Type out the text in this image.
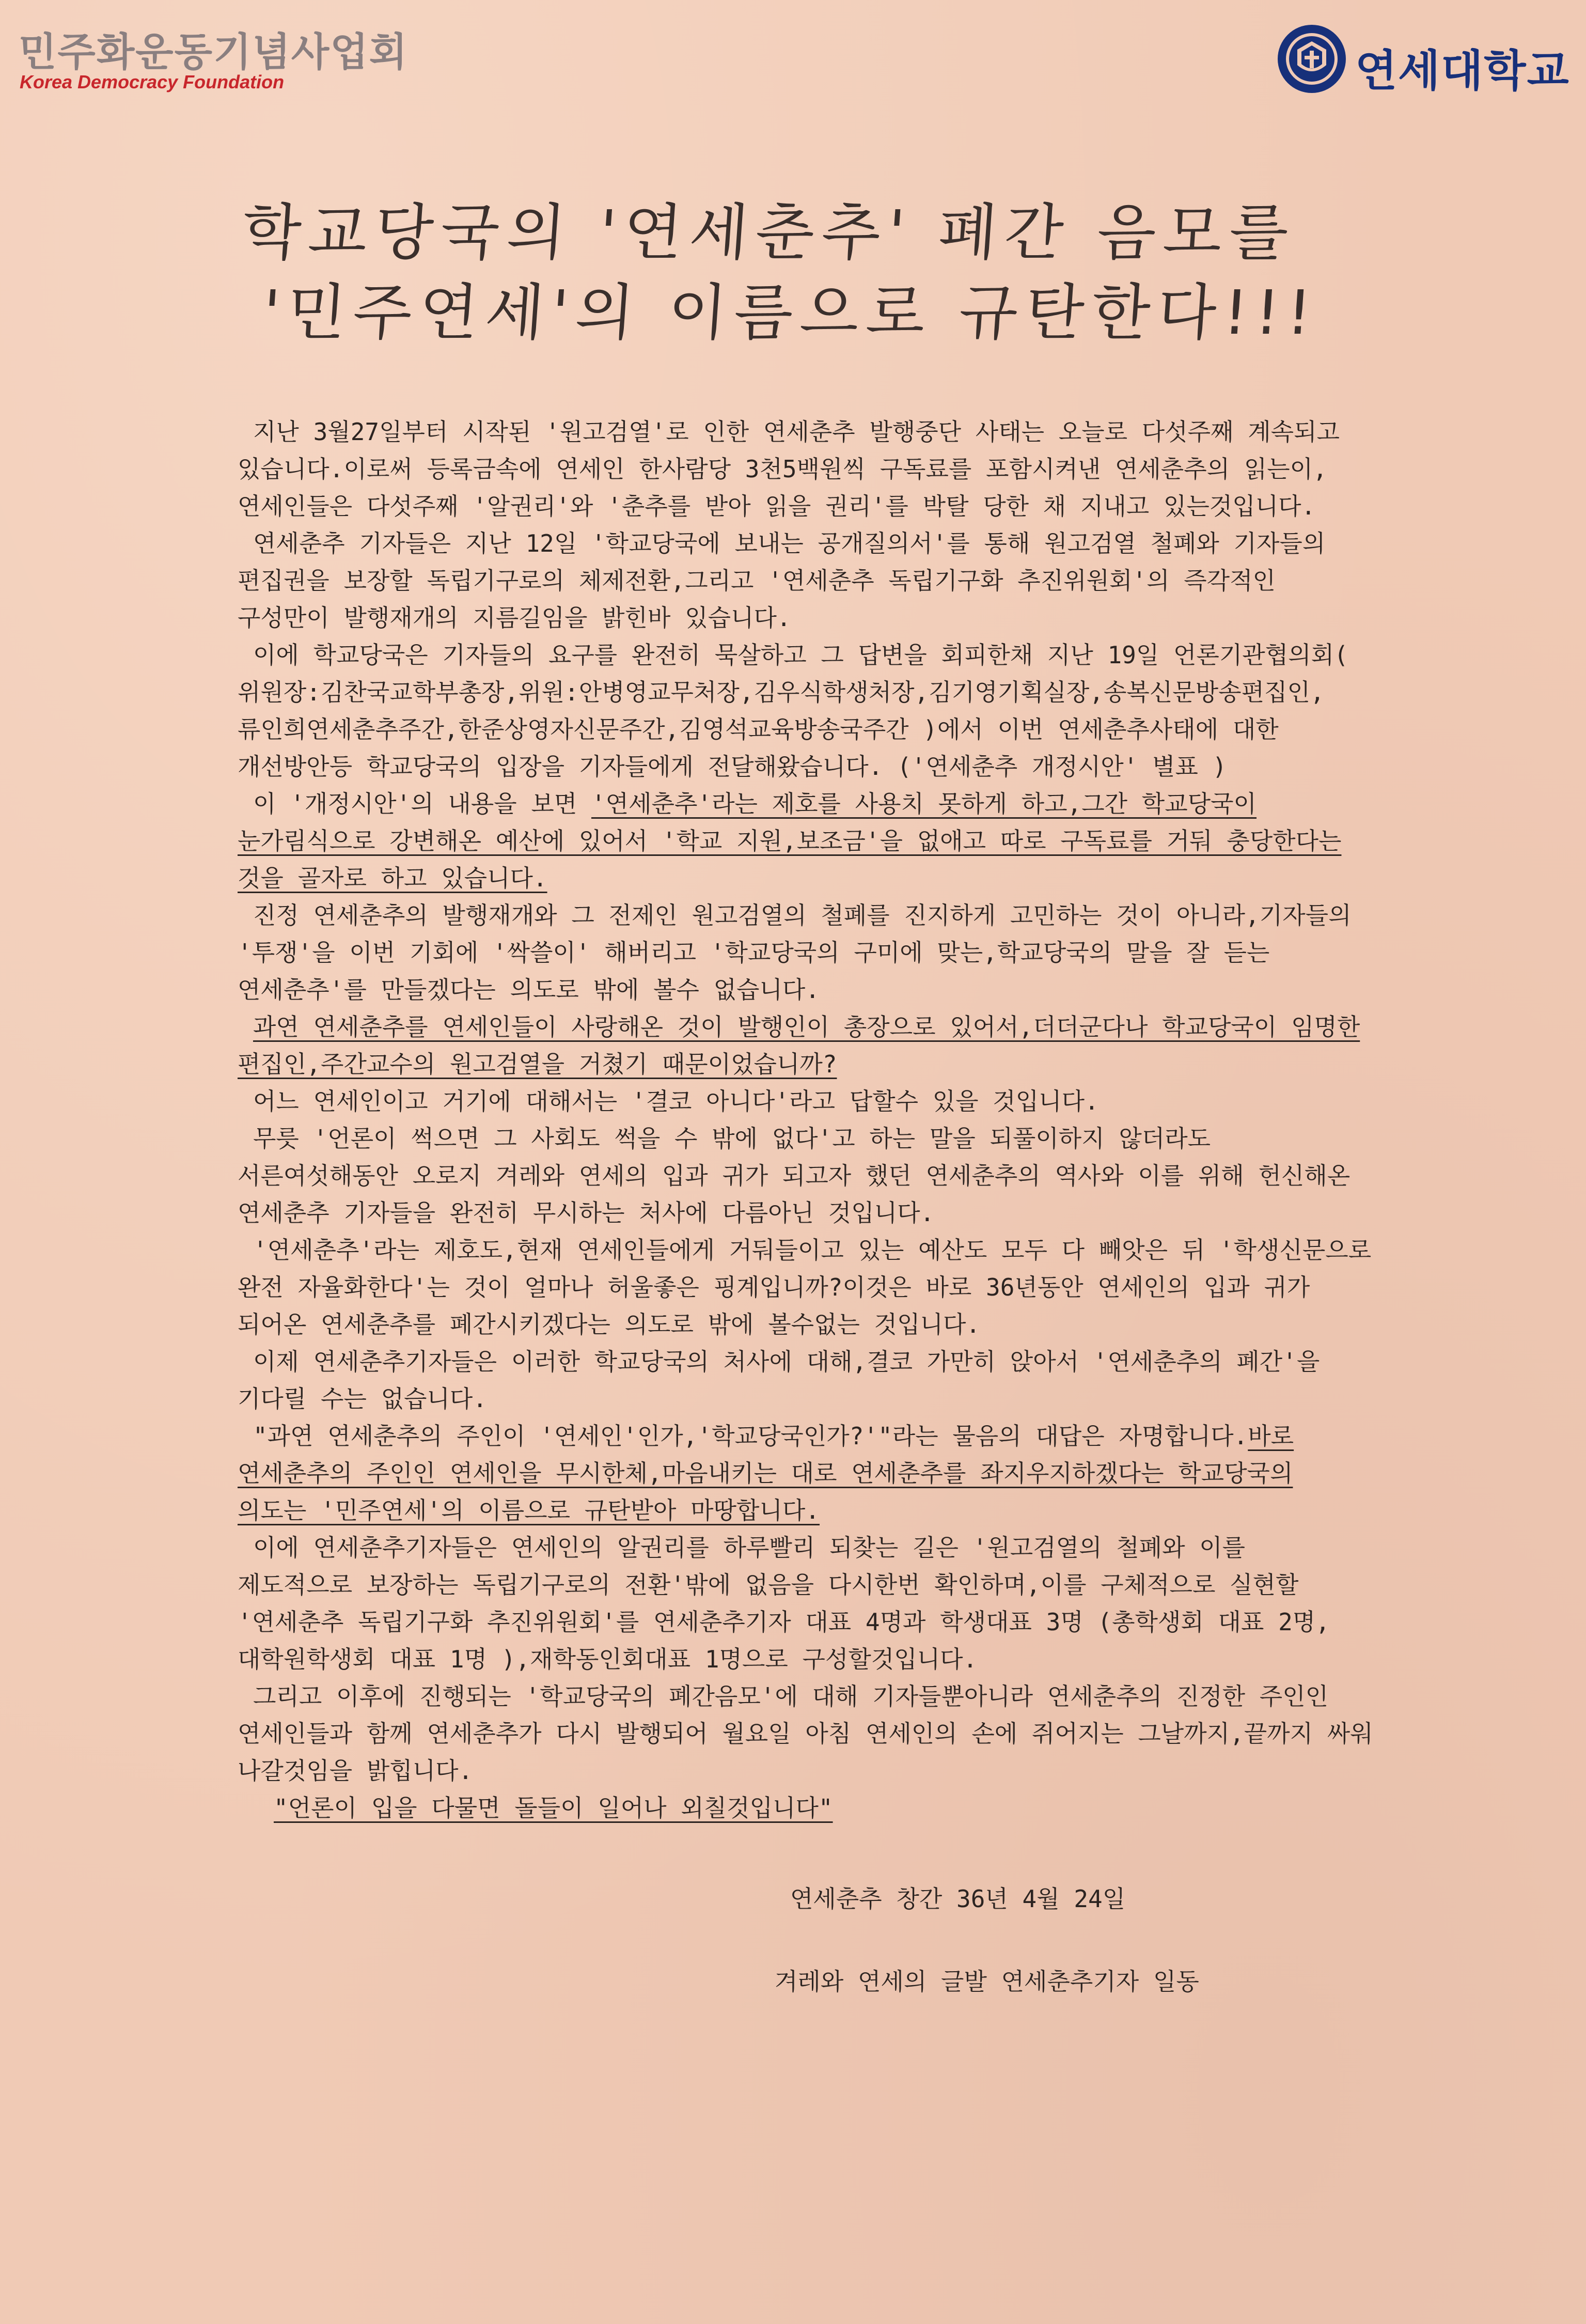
민주화운동기념사업회
Korea Democracy Foundation	연세대학교
학교당국의 '연세춘추' 폐간 음모를
'민주연세'의 이름으로 규탄한다!!!

지난 3월27일부터 시작된 '원고검열'로 인한 연세춘추 발행중단 사태는 오늘로 다섯주째 계속되고 있습니다.이로써 등록금속에 연세인 한사람당 3천5백원씩 구독료를 포함시켜낸 연세춘추의 읽는이,연세인들은 다섯주째 '알권리'와 '춘추를 받아 읽을 권리'를 박탈 당한 채 지내고 있는것입니다.

연세춘추 기자들은 지난 12일 '학교당국에 보내는 공개질의서'를 통해 원고검열 철폐와 기자들의 편집권을 보장할 독립기구로의 체제전환,그리고 '연세춘추 독립기구화 추진위원회'의 즉각적인 구성만이 발행재개의 지름길임을 밝힌바 있습니다.

이에 학교당국은 기자들의 요구를 완전히 묵살하고 그 답변을 회피한채 지난 19일 언론기관협의회( 위원장:김찬국교학부총장,위원:안병영교무처장,김우식학생처장,김기영기획실장,송복신문방송편집인,류인희연세춘추주간,한준상영자신문주간,김영석교육방송국주간 )에서 이번 연세춘추사태에 대한 개선방안등 학교당국의 입장을 기자들에게 전달해왔습니다. ('연세춘추 개정시안' 별표 )

이 '개정시안'의 내용을 보면 '연세춘추'라는 제호를 사용치 못하게 하고,그간 학교당국이 눈가림식으로 강변해온 예산에 있어서 '학교 지원,보조금'을 없애고 따로 구독료를 거둬 충당한다는 것을 골자로 하고 있습니다.

진정 연세춘추의 발행재개와 그 전제인 원고검열의 철폐를 진지하게 고민하는 것이 아니라,기자들의 '투쟁'을 이번 기회에 '싹쓸이' 해버리고 '학교당국의 구미에 맞는,학교당국의 말을 잘 듣는 연세춘추'를 만들겠다는 의도로 밖에 볼수 없습니다.

과연 연세춘추를 연세인들이 사랑해온 것이 발행인이 총장으로 있어서,더더군다나 학교당국이 임명한 편집인,주간교수의 원고검열을 거쳤기 때문이었습니까?

어느 연세인이고 거기에 대해서는 '결코 아니다'라고 답할수 있을 것입니다.

무릇 '언론이 썩으면 그 사회도 썩을 수 밖에 없다'고 하는 말을 되풀이하지 않더라도 서른여섯해동안 오로지 겨레와 연세의 입과 귀가 되고자 했던 연세춘추의 역사와 이를 위해 헌신해온 연세춘추 기자들을 완전히 무시하는 처사에 다름아닌 것입니다.

'연세춘추'라는 제호도,현재 연세인들에게 거둬들이고 있는 예산도 모두 다 빼앗은 뒤 '학생신문으로 완전 자율화한다'는 것이 얼마나 허울좋은 핑계입니까?이것은 바로 36년동안 연세인의 입과 귀가 되어온 연세춘추를 폐간시키겠다는 의도로 밖에 볼수없는 것입니다.

이제 연세춘추기자들은 이러한 학교당국의 처사에 대해,결코 가만히 앉아서 '연세춘추의 폐간'을 기다릴 수는 없습니다.

"과연 연세춘추의 주인이 '연세인'인가,'학교당국인가?'"라는 물음의 대답은 자명합니다.바로 연세춘추의 주인인 연세인을 무시한체,마음내키는 대로 연세춘추를 좌지우지하겠다는 학교당국의 의도는 '민주연세'의 이름으로 규탄받아 마땅합니다.

이에 연세춘추기자들은 연세인의 알권리를 하루빨리 되찾는 길은 '원고검열의 철폐와 이를 제도적으로 보장하는 독립기구로의 전환'밖에 없음을 다시한번 확인하며,이를 구체적으로 실현할 '연세춘추 독립기구화 추진위원회'를 연세춘추기자 대표 4명과 학생대표 3명 (총학생회 대표 2명,대학원학생회 대표 1명 ),재학동인회대표 1명으로 구성할것입니다.

그리고 이후에 진행되는 '학교당국의 폐간음모'에 대해 기자들뿐아니라 연세춘추의 진정한 주인인 연세인들과 함께 연세춘추가 다시 발행되어 월요일 아침 연세인의 손에 쥐어지는 그날까지,끝까지 싸워 나갈것임을 밝힙니다.

"언론이 입을 다물면 돌들이 일어나 외칠것입니다"

연세춘추 창간 36년 4월 24일
겨레와 연세의 글발 연세춘추기자 일동
